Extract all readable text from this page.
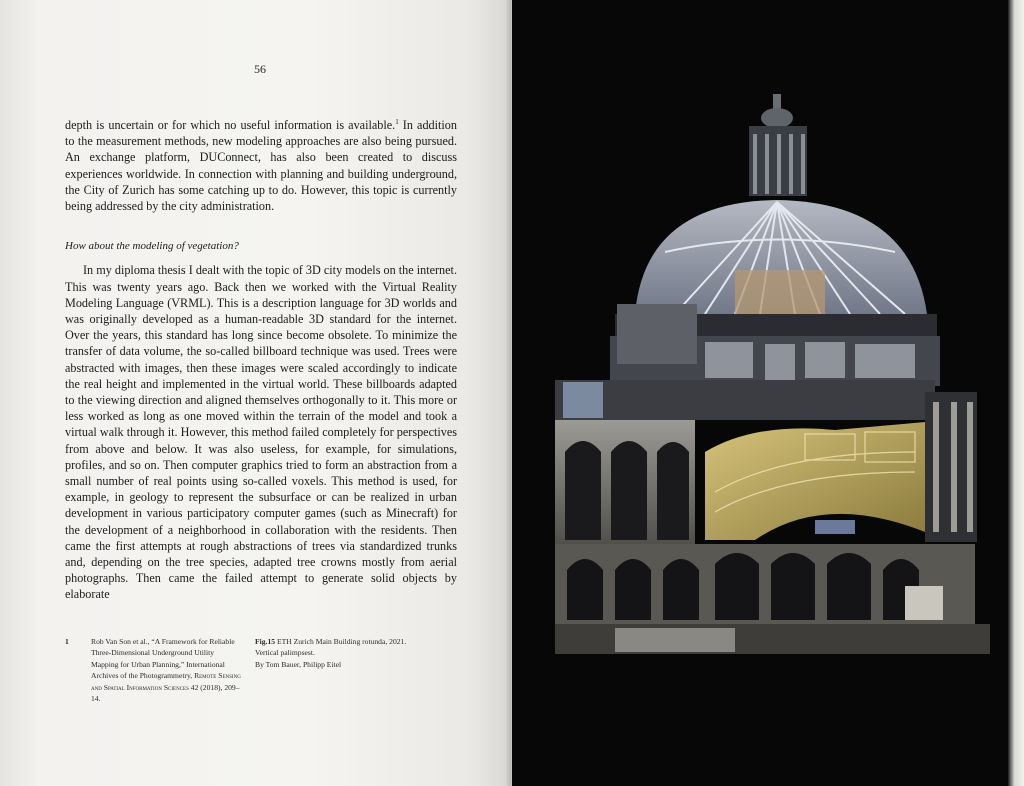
56

depth is uncertain or for which no useful information is available.$^1$ In addition to the measurement methods, new modeling approaches are also being pursued. An exchange platform, DUConnect, has also been created to discuss experiences worldwide. In connection with planning and building underground, the City of Zurich has some catching up to do. However, this topic is currently being addressed by the city administration.

How about the modeling of vegetation?

In my diploma thesis I dealt with the topic of 3D city models on the internet. This was twenty years ago. Back then we worked with the Virtual Reality Modeling Language (VRML). This is a description language for 3D worlds and was originally developed as a human-readable 3D standard for the internet. Over the years, this standard has long since become obsolete. To minimize the transfer of data volume, the so-called billboard technique was used. Trees were abstracted with images, then these images were scaled accordingly to indicate the real height and implemented in the virtual world. These billboards adapted to the viewing direction and aligned themselves orthogonally to it. This more or less worked as long as one moved within the terrain of the model and took a virtual walk through it. However, this method failed completely for perspectives from above and below. It was also useless, for example, for simulations, profiles, and so on. Then computer graphics tried to form an abstraction from a small number of real points using so-called voxels. This method is used, for example, in geology to represent the subsurface or can be realized in urban development in various participatory computer games (such as Minecraft) for the development of a neighborhood in collaboration with the residents. Then came the first attempts at rough abstractions of trees via standardized trunks and, depending on the tree species, adapted tree crowns mostly from aerial photographs. Then came the failed attempt to generate solid objects by elaborate

1	Rob Van Son et al., “A Framework for Reliable Three-Dimensional Underground Utility Mapping for Urban Planning,” International Archives of the Photogrammetry, Remote Sensing and Spatial Information Sciences 42 (2018), 209–14.
Fig.15 ETH Zurich Main Building rotunda, 2021.
Vertical palimpsest.
By Tom Bauer, Philipp Eitel
